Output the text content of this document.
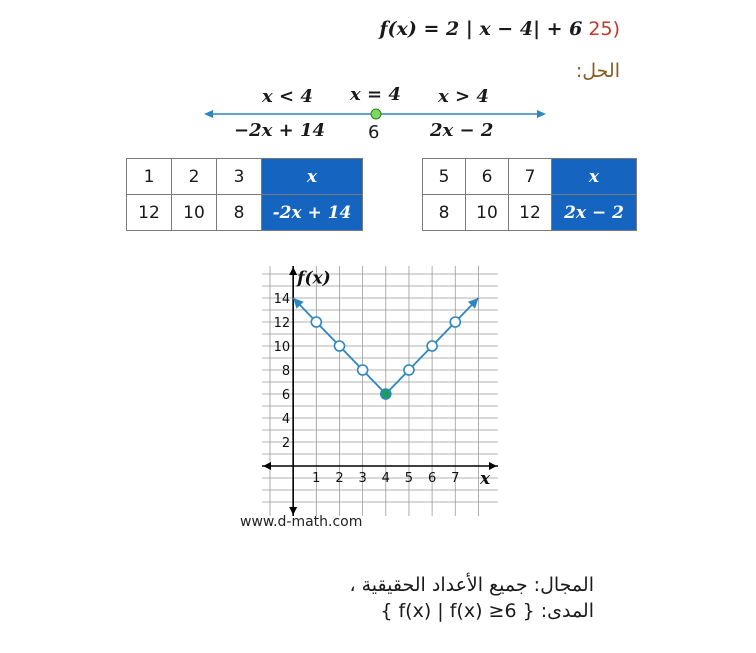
f(x) = 2 | x − 4| + 6 25)
الحل:
x < 4 x = 4 x > 4
−2x + 14 6	2x − 2
1	2	3	x
12	10	8	-2x + 14
5	6	7	x
8	10	12	2x − 2
1 2 3 4 5 6 7
2
4
6
8
10
12
14
x
f(x)
www.d-math.com
المجال: جميع الأعداد الحقيقية ،
المدى: { f(x) | f(x) ≥6 }
